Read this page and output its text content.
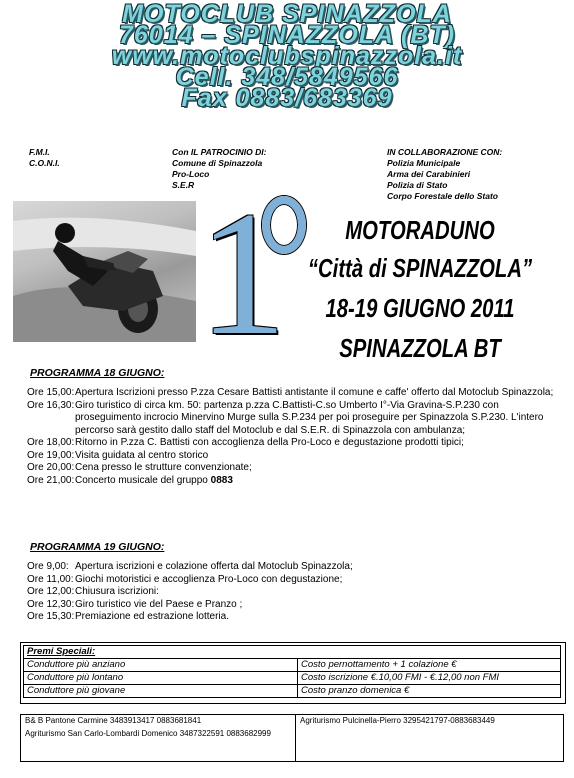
MOTOCLUB SPINAZZOLA
76014 – SPINAZZOLA (BT)
www.motoclubspinazzola.it
Cell. 348/5849566
Fax 0883/683369
F.M.I.
C.O.N.I.
Con IL PATROCINIO DI:
Comune di Spinazzola
Pro-Loco
S.E.R
IN COLLABORAZIONE CON:
Polizia Municipale
Arma dei Carabinieri
Polizia di Stato
Corpo Forestale dello Stato
1	MOTORADUNO
“Città di SPINAZZOLA”
18-19 GIUGNO 2011
SPINAZZOLA BT
PROGRAMMA 18 GIUGNO:
Ore 15,00: Apertura Iscrizioni presso P.zza Cesare Battisti antistante il comune e caffe' offerto dal Motoclub Spinazzola;
Ore 16,30: Giro turistico di circa km. 50: partenza p.zza C.Battisti-C.so Umberto I°-Via Gravina-S.P.230 con proseguimento incrocio Minervino Murge sulla S.P.234 per poi proseguire per Spinazzola S.P.230. L'intero percorso sarà gestito dallo staff del Motoclub e dal S.E.R. di Spinazzola con ambulanza;
Ore 18,00: Ritorno in P.zza C. Battisti con accoglienza della Pro-Loco e degustazione prodotti tipici;
Ore 19,00: Visita guidata al centro storico
Ore 20,00: Cena presso le strutture convenzionate;
Ore 21,00: Concerto musicale del gruppo 0883
PROGRAMMA 19 GIUGNO:
Ore 9,00: Apertura iscrizioni e colazione offerta dal Motoclub Spinazzola;
Ore 11,00: Giochi motoristici e accoglienza Pro-Loco con degustazione;
Ore 12,00: Chiusura iscrizioni:
Ore 12,30: Giro turistico vie del Paese e Pranzo ;
Ore 15,30: Premiazione ed estrazione lotteria.
Premi Speciali:	
Conduttore più anziano	Costo pernottamento + 1 colazione €
Conduttore più lontano	Costo iscrizione €.10,00 FMI - €.12,00 non FMI
Conduttore più giovane	Costo pranzo domenica €
B& B Pantone Carmine 3483913417 0883681841
Agriturismo San Carlo-Lombardi Domenico 3487322591 0883682999

Agriturismo Pulcinella-Pierro 3295421797-0883683449
